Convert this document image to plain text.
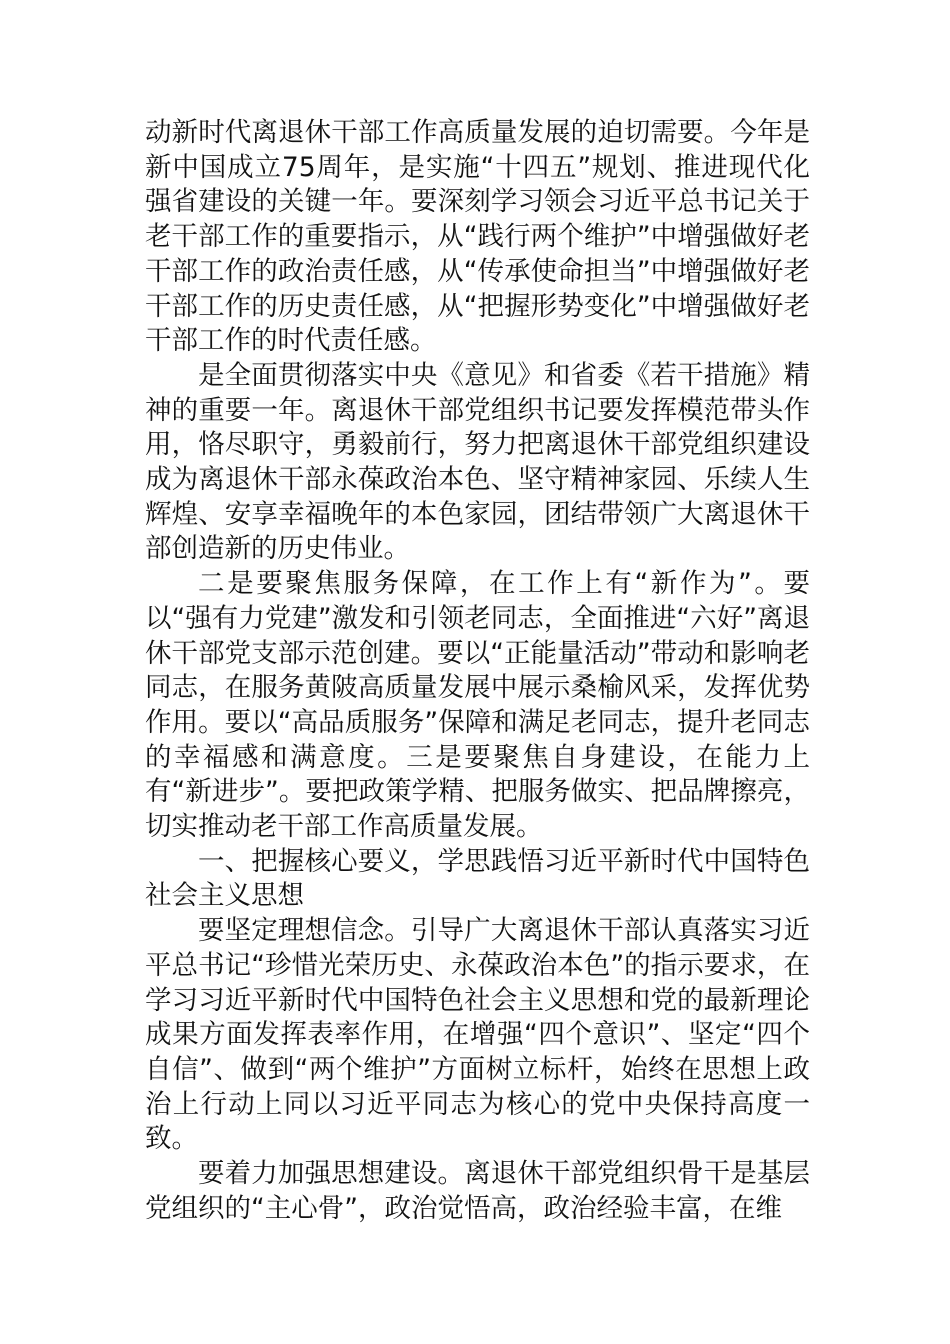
动新时代离退休干部工作高质量发展的迫切需要。今年是新中国成立75周年，是实施“十四五”规划、推进现代化强省建设的关键一年。要深刻学习领会习近平总书记关于老干部工作的重要指示，从“践行两个维护”中增强做好老干部工作的政治责任感，从“传承使命担当”中增强做好老干部工作的历史责任感，从“把握形势变化”中增强做好老干部工作的时代责任感。

是全面贯彻落实中央《意见》和省委《若干措施》精神的重要一年。离退休干部党组织书记要发挥模范带头作用，恪尽职守，勇毅前行，努力把离退休干部党组织建设成为离退休干部永葆政治本色、坚守精神家园、乐续人生辉煌、安享幸福晚年的本色家园，团结带领广大离退休干部创造新的历史伟业。

二是要聚焦服务保障，在工作上有“新作为”。要以“强有力党建”激发和引领老同志，全面推进“六好”离退休干部党支部示范创建。要以“正能量活动”带动和影响老同志，在服务黄陂高质量发展中展示桑榆风采，发挥优势作用。要以“高品质服务”保障和满足老同志，提升老同志的幸福感和满意度。三是要聚焦自身建设，在能力上有“新进步”。要把政策学精、把服务做实、把品牌擦亮，切实推动老干部工作高质量发展。

一、把握核心要义，学思践悟习近平新时代中国特色社会主义思想

要坚定理想信念。引导广大离退休干部认真落实习近平总书记“珍惜光荣历史、永葆政治本色”的指示要求，在学习习近平新时代中国特色社会主义思想和党的最新理论成果方面发挥表率作用，在增强“四个意识”、坚定“四个自信”、做到“两个维护”方面树立标杆，始终在思想上政治上行动上同以习近平同志为核心的党中央保持高度一致。

要着力加强思想建设。离退休干部党组织骨干是基层党组织的“主心骨”，政治觉悟高，政治经验丰富，在维
